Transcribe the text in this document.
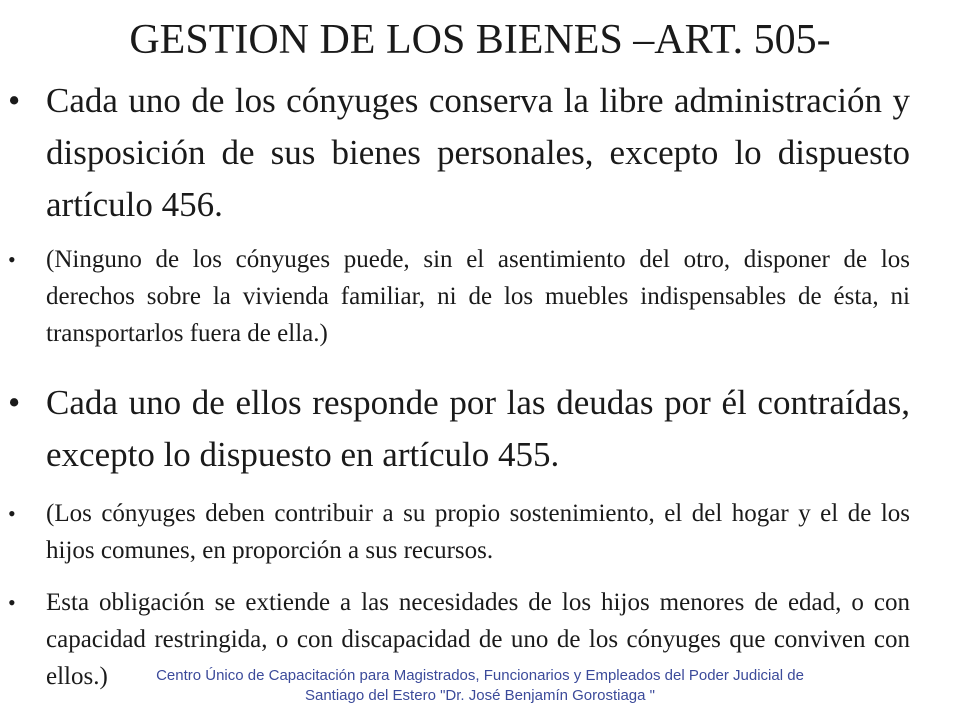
GESTION DE LOS BIENES –ART. 505-
• Cada uno de los cónyuges conserva la libre administración y disposición de sus bienes personales, excepto lo dispuesto artículo 456.
• (Ninguno de los cónyuges puede, sin el asentimiento del otro, disponer de los derechos sobre la vivienda familiar, ni de los muebles indispensables de ésta, ni transportarlos fuera de ella.)
• Cada uno de ellos responde por las deudas por él contraídas, excepto lo dispuesto en artículo 455.
• (Los cónyuges deben contribuir a su propio sostenimiento, el del hogar y el de los hijos comunes, en proporción a sus recursos.
• Esta obligación se extiende a las necesidades de los hijos menores de edad, o con capacidad restringida, o con discapacidad de uno de los cónyuges que conviven con ellos.)	Centro Único de Capacitación para Magistrados, Funcionarios y Empleados del Poder Judicial de
Santiago del Estero "Dr. José Benjamín Gorostiaga "
